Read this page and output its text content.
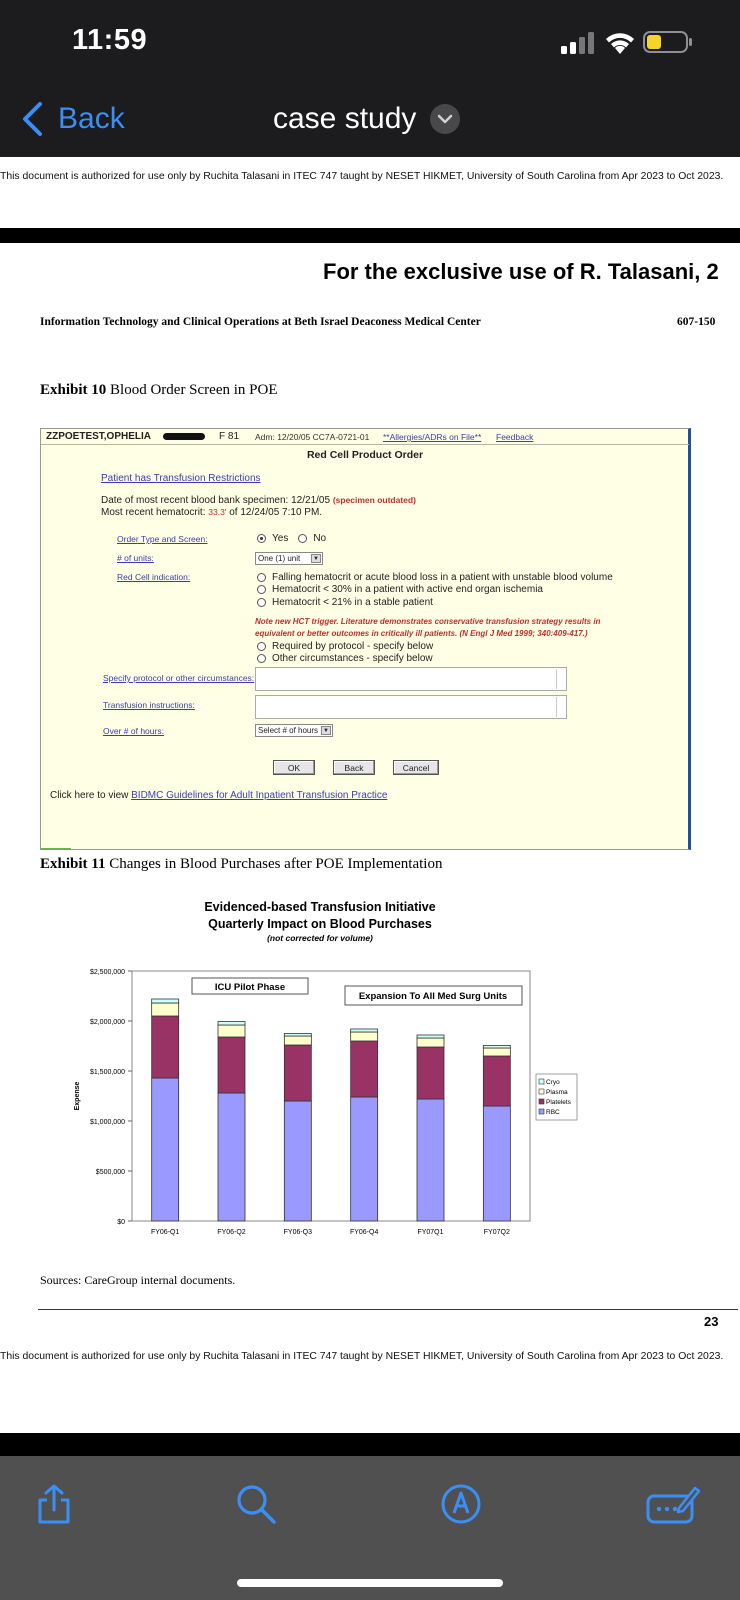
11:59
Back	case study
This document is authorized for use only by Ruchita Talasani in ITEC 747 taught by NESET HIKMET, University of South Carolina from Apr 2023 to Oct 2023.
For the exclusive use of R. Talasani, 2
Information Technology and Clinical Operations at Beth Israel Deaconess Medical Center	607-150
Exhibit 10 Blood Order Screen in POE
ZZPOETEST,OPHELIA	F 81 Adm: 12/20/05 CC7A-0721-01 **Allergies/ADRs on File** Feedback
Red Cell Product Order
Patient has Transfusion Restrictions
Date of most recent blood bank specimen: 12/21/05 (specimen outdated)
Most recent hematocrit: 33.3' of 12/24/05 7:10 PM.
Order Type and Screen:	Yes	No
# of units:	One (1) unit	▼
Red Cell indication:	Falling hematocrit or acute blood loss in a patient with unstable blood volume
Hematocrit < 30% in a patient with active end organ ischemia
Hematocrit < 21% in a stable patient
Note new HCT trigger. Literature demonstrates conservative transfusion strategy results in
equivalent or better outcomes in critically ill patients. (N Engl J Med 1999; 340:409-417.)
Required by protocol - specify below
Other circumstances - specify below
Specify protocol or other circumstances:
Transfusion instructions:
Over # of hours:	Select # of hours ▼
OK	Back	Cancel
Click here to view BIDMC Guidelines for Adult Inpatient Transfusion Practice
Exhibit 11 Changes in Blood Purchases after POE Implementation
Evidenced-based Transfusion Initiative
Quarterly Impact on Blood Purchases
(not corrected for volume)
$0
$500,000
$1,000,000
$1,500,000
$2,000,000
$2,500,000
Expense
FY06-Q1	FY06-Q2	FY06-Q3	FY06-Q4	FY07Q1	FY07Q2
ICU Pilot Phase
Expansion To All Med Surg Units
Cryo
Plasma
Platelets
RBC
Sources: CareGroup internal documents.
23
This document is authorized for use only by Ruchita Talasani in ITEC 747 taught by NESET HIKMET, University of South Carolina from Apr 2023 to Oct 2023.
